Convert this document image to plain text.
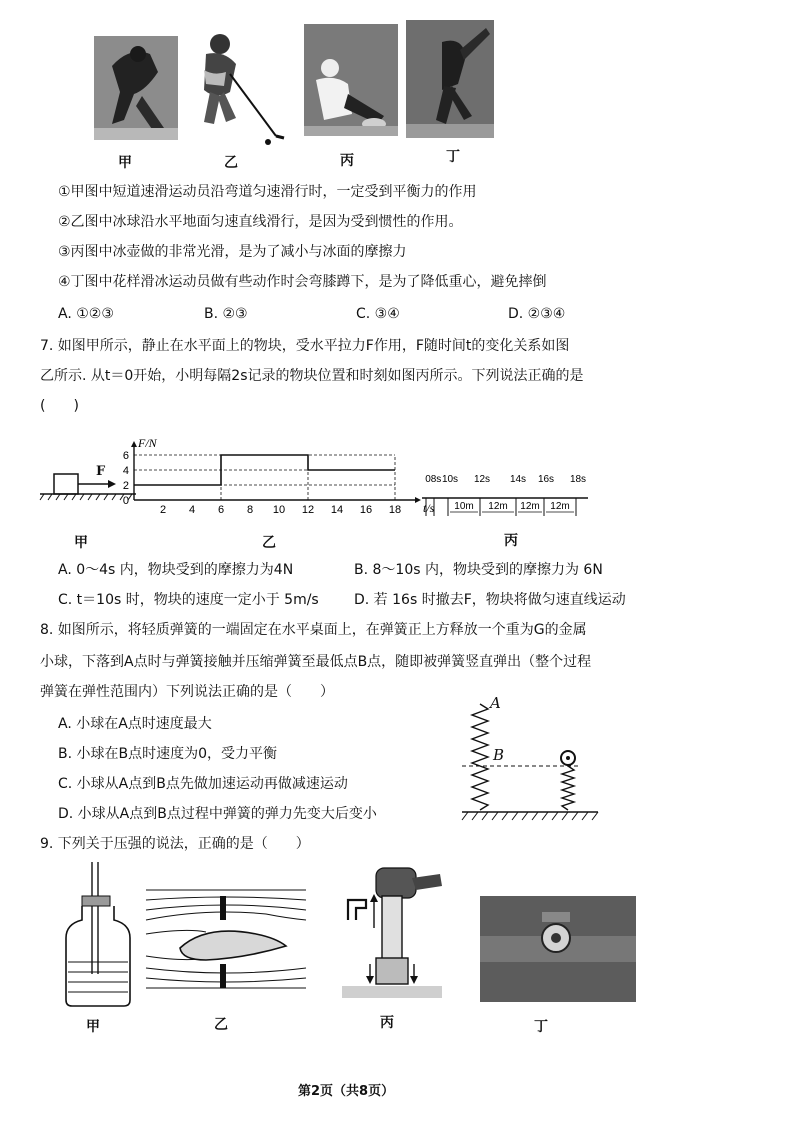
甲	乙	丙	丁
①甲图中短道速滑运动员沿弯道匀速滑行时，一定受到平衡力的作用
②乙图中冰球沿水平地面匀速直线滑行，是因为受到惯性的作用。
③丙图中冰壶做的非常光滑，是为了减小与冰面的摩擦力
④丁图中花样滑冰运动员做有些动作时会弯膝蹲下，是为了降低重心，避免摔倒
A. ①②③	B. ②③	C. ③④	D. ②③④
7. 如图甲所示，静止在水平面上的物块，受水平拉力F作用，F随时间t的变化关系如图
乙所示. 从t＝0开始，小明每隔2s记录的物块位置和时刻如图丙所示。下列说法正确的是
(　　)
F
甲
2 4 6 8 10 12 14 16 18
0
2
4
6
F/N
t/s
乙
0 8s 10s 12s 14s 16s 18s
10m 12m 12m 12m
丙
A. 0～4s 内，物块受到的摩擦力为4N	B. 8～10s 内，物块受到的摩擦力为 6N
C. t＝10s 时，物块的速度一定小于 5m/s	D. 若 16s 时撤去F，物块将做匀速直线运动
8. 如图所示，将轻质弹簧的一端固定在水平桌面上，在弹簧正上方释放一个重为G的金属
小球，下落到A点时与弹簧接触并压缩弹簧至最低点B点，随即被弹簧竖直弹出（整个过程
弹簧在弹性范围内）下列说法正确的是（　　）
A. 小球在A点时速度最大
B. 小球在B点时速度为0，受力平衡
C. 小球从A点到B点先做加速运动再做减速运动
D. 小球从A点到B点过程中弹簧的弹力先变大后变小
A
B
9. 下列关于压强的说法，正确的是（　　）
甲	乙	丙	丁
第2页（共8页）
